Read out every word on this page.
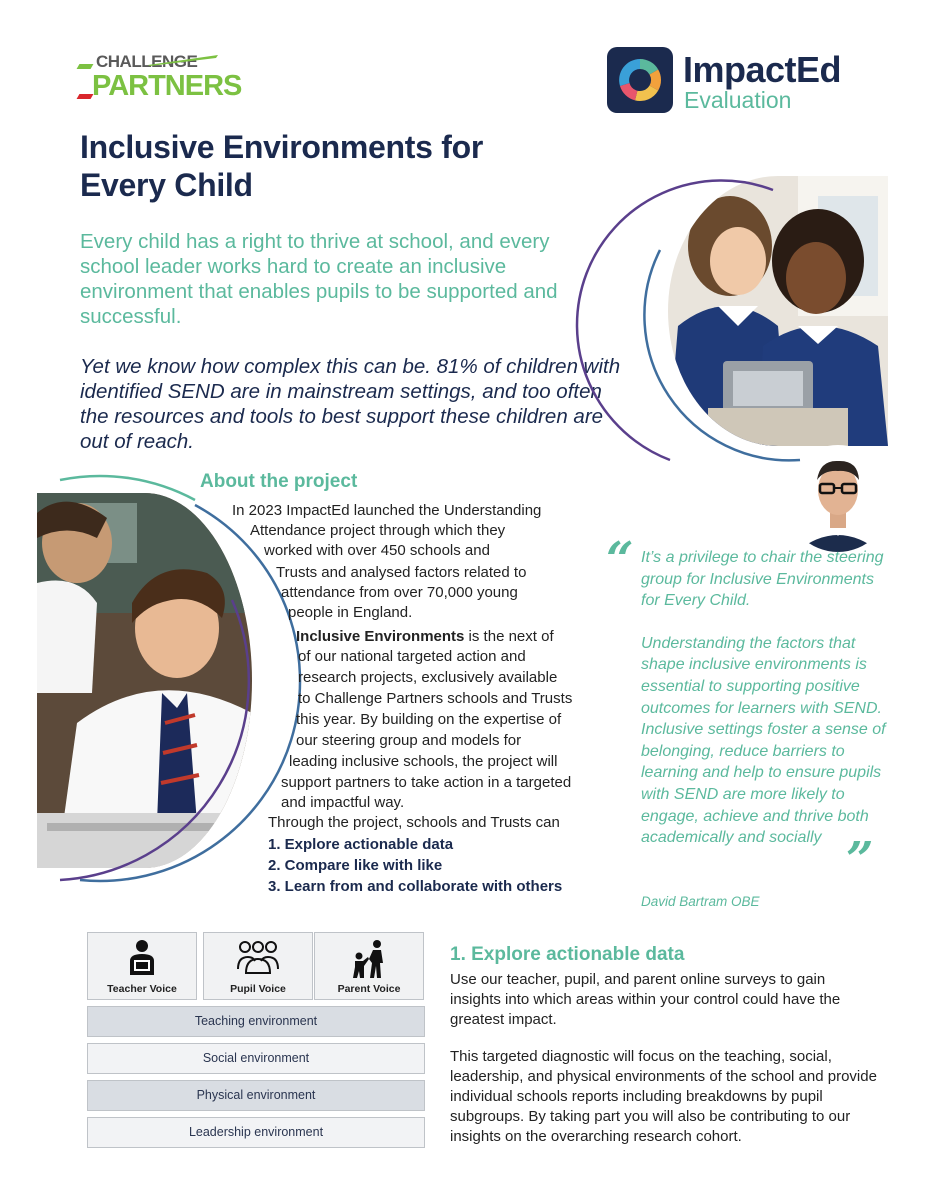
CHALLENGE
PARTNERS	ImpactEd
Evaluation
Inclusive Environments for
Every Child
Every child has a right to thrive at school, and every
school leader works hard to create an inclusive
environment that enables pupils to be supported and
successful.
Yet we know how complex this can be. 81% of children with
identified SEND are in mainstream settings, and too often
the resources and tools to best support these children are
out of reach.
About the project
In 2023 ImpactEd launched the Understanding
Attendance project through which they
worked with over 450 schools and
Trusts and analysed factors related to
attendance from over 70,000 young
people in England.
Inclusive Environments is the next of
of our national targeted action and
research projects, exclusively available
to Challenge Partners schools and Trusts
this year. By building on the expertise of
our steering group and models for
leading inclusive schools, the project will
support partners to take action in a targeted
and impactful way.
Through the project, schools and Trusts can
1. Explore actionable data
2. Compare like with like
3. Learn from and collaborate with others
“ It’s a privilege to chair the steering group for Inclusive Environments for Every Child.

Understanding the factors that shape inclusive environments is essential to supporting positive outcomes for learners with SEND. Inclusive settings foster a sense of belonging, reduce barriers to learning and help to ensure pupils with SEND are more likely to engage, achieve and thrive both academically and socially ”
David Bartram OBE
Teacher Voice	Pupil Voice	Parent Voice
Teaching environment
Social environment
Physical environment
Leadership environment
1. Explore actionable data

Use our teacher, pupil, and parent online surveys to gain insights into which areas within your control could have the greatest impact.

This targeted diagnostic will focus on the teaching, social, leadership, and physical environments of the school and provide individual schools reports including breakdowns by pupil subgroups. By taking part you will also be contributing to our insights on the overarching research cohort.
